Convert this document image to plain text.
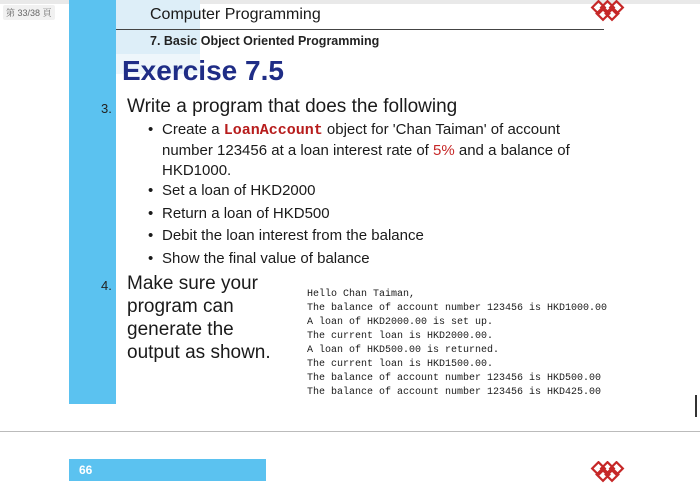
第 33/38 頁	Computer Programming
7. Basic Object Oriented Programming
Exercise 7.5
3. Write a program that does the following
• Create a LoanAccount object for 'Chan Taiman' of account
number 123456 at a loan interest rate of 5% and a balance of
HKD1000.
• Set a loan of HKD2000
• Return a loan of HKD500
• Debit the loan interest from the balance
• Show the final value of balance
4. Make sure your
program can
generate the
output as shown.
Hello Chan Taiman,
The balance of account number 123456 is HKD1000.00
A loan of HKD2000.00 is set up.
The current loan is HKD2000.00.
A loan of HKD500.00 is returned.
The current loan is HKD1500.00.
The balance of account number 123456 is HKD500.00
The balance of account number 123456 is HKD425.00
66
